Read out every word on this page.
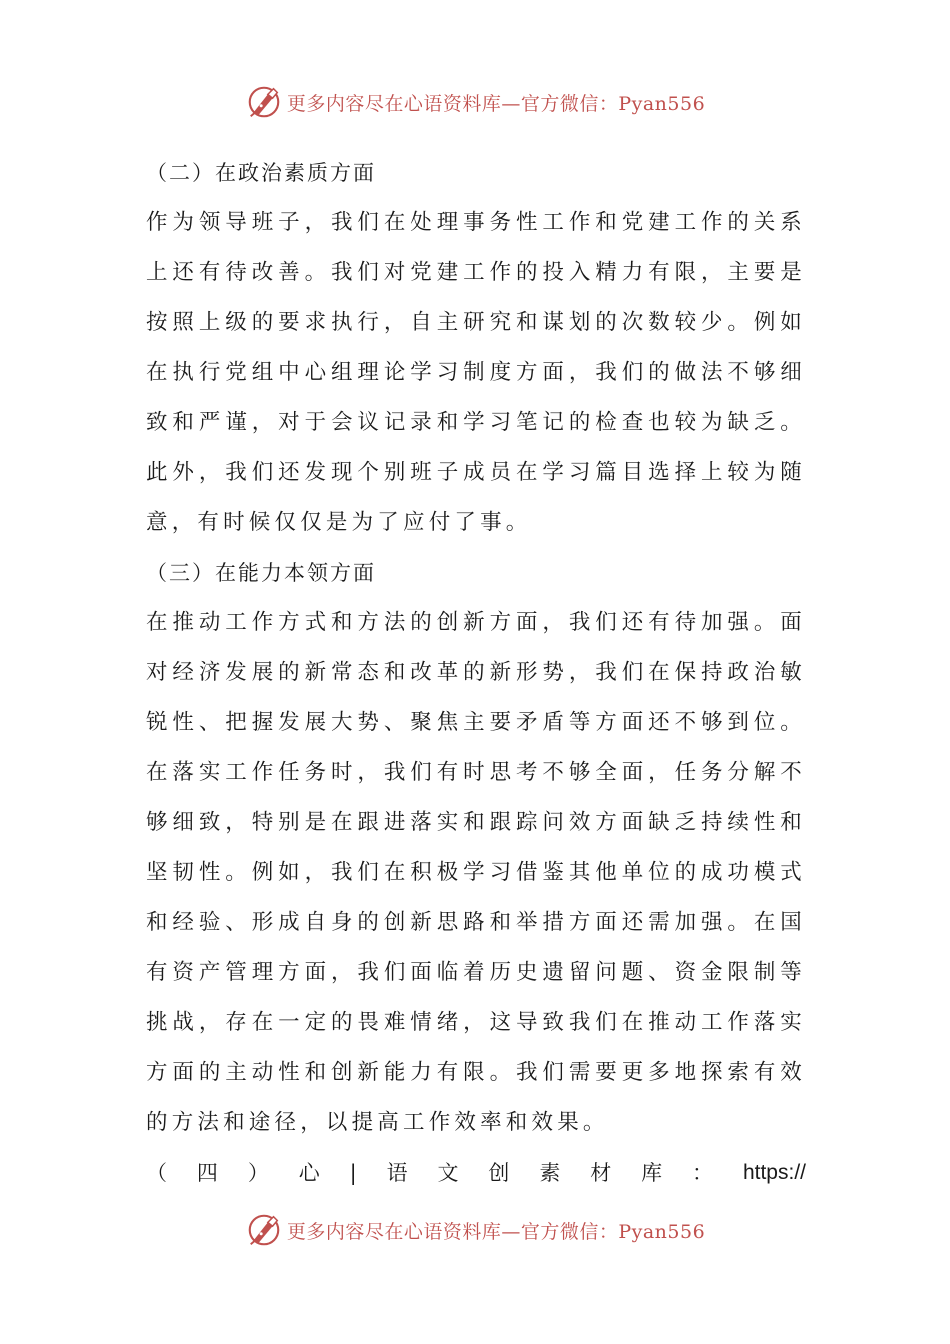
更多内容尽在心语资料库—官方微信：Pyan556
（二）在政治素质方面
作为领导班子，我们在处理事务性工作和党建工作的关系
上还有待改善。我们对党建工作的投入精力有限，主要是
按照上级的要求执行，自主研究和谋划的次数较少。例如
在执行党组中心组理论学习制度方面，我们的做法不够细
致和严谨，对于会议记录和学习笔记的检查也较为缺乏。
此外，我们还发现个别班子成员在学习篇目选择上较为随
意，有时候仅仅是为了应付了事。
（三）在能力本领方面
在推动工作方式和方法的创新方面，我们还有待加强。面
对经济发展的新常态和改革的新形势，我们在保持政治敏
锐性、把握发展大势、聚焦主要矛盾等方面还不够到位。
在落实工作任务时，我们有时思考不够全面，任务分解不
够细致，特别是在跟进落实和跟踪问效方面缺乏持续性和
坚韧性。例如，我们在积极学习借鉴其他单位的成功模式
和经验、形成自身的创新思路和举措方面还需加强。在国
有资产管理方面，我们面临着历史遗留问题、资金限制等
挑战，存在一定的畏难情绪，这导致我们在推动工作落实
方面的主动性和创新能力有限。我们需要更多地探索有效
的方法和途径，以提高工作效率和效果。
（ 四 ） 心 | 语 文 创 素 材 库 ： https://
更多内容尽在心语资料库—官方微信：Pyan556
